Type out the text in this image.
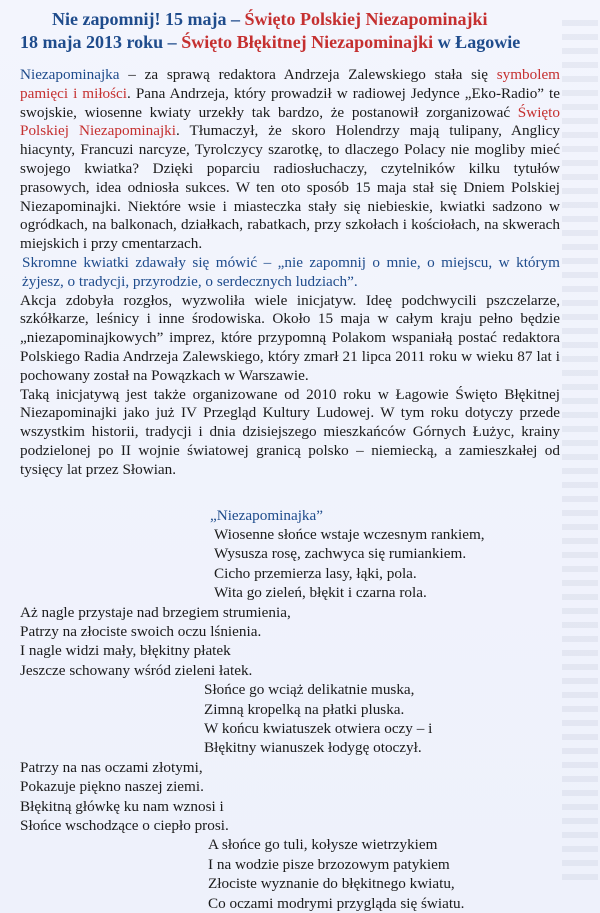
Nie zapomnij! 15 maja – Święto Polskiej Niezapominajki
18 maja 2013 roku – Święto Błękitnej Niezapominajki w Łagowie

Niezapominajka – za sprawą redaktora Andrzeja Zalewskiego stała się symbolem pamięci i miłości. Pana Andrzeja, który prowadził w radiowej Jedynce „Eko-Radio” te swojskie, wiosenne kwiaty urzekły tak bardzo, że postanowił zorganizować Święto Polskiej Niezapominajki. Tłumaczył, że skoro Holendrzy mają tulipany, Anglicy hiacynty, Francuzi narcyze, Tyrolczycy szarotkę, to dlaczego Polacy nie mogliby mieć swojego kwiatka? Dzięki poparciu radiosłuchaczy, czytelników kilku tytułów prasowych, idea odniosła sukces. W ten oto sposób 15 maja stał się Dniem Polskiej Niezapominajki. Niektóre wsie i miasteczka stały się niebieskie, kwiatki sadzono w ogródkach, na balkonach, działkach, rabatkach, przy szkołach i kościołach, na skwerach miejskich i przy cmentarzach.

Skromne kwiatki zdawały się mówić – „nie zapomnij o mnie, o miejscu, w którym żyjesz, o tradycji, przyrodzie, o serdecznych ludziach”.

Akcja zdobyła rozgłos, wyzwoliła wiele inicjatyw. Ideę podchwycili pszczelarze, szkółkarze, leśnicy i inne środowiska. Około 15 maja w całym kraju pełno będzie „niezapominajkowych” imprez, które przypomną Polakom wspaniałą postać redaktora Polskiego Radia Andrzeja Zalewskiego, który zmarł 21 lipca 2011 roku w wieku 87 lat i pochowany został na Powązkach w Warszawie.

Taką inicjatywą jest także organizowane od 2010 roku w Łagowie Święto Błękitnej Niezapominajki jako już IV Przegląd Kultury Ludowej. W tym roku dotyczy przede wszystkim historii, tradycji i dnia dzisiejszego mieszkańców Górnych Łużyc, krainy podzielonej po II wojnie światowej granicą polsko – niemiecką, a zamieszkałej od tysięcy lat przez Słowian.

„Niezapominajka”
Wiosenne słońce wstaje wczesnym rankiem,
Wysusza rosę, zachwyca się rumiankiem.
Cicho przemierza lasy, łąki, pola.
Wita go zieleń, błękit i czarna rola.
Aż nagle przystaje nad brzegiem strumienia,
Patrzy na złociste swoich oczu lśnienia.
I nagle widzi mały, błękitny płatek
Jeszcze schowany wśród zieleni łatek.
Słońce go wciąż delikatnie muska,
Zimną kropelką na płatki pluska.
W końcu kwiatuszek otwiera oczy – i
Błękitny wianuszek łodygę otoczył.
Patrzy na nas oczami złotymi,
Pokazuje piękno naszej ziemi.
Błękitną główkę ku nam wznosi i
Słońce wschodzące o ciepło prosi.
A słońce go tuli, kołysze wietrzykiem
I na wodzie pisze brzozowym patykiem
Złociste wyznanie do błękitnego kwiatu,
Co oczami modrymi przygląda się światu.
